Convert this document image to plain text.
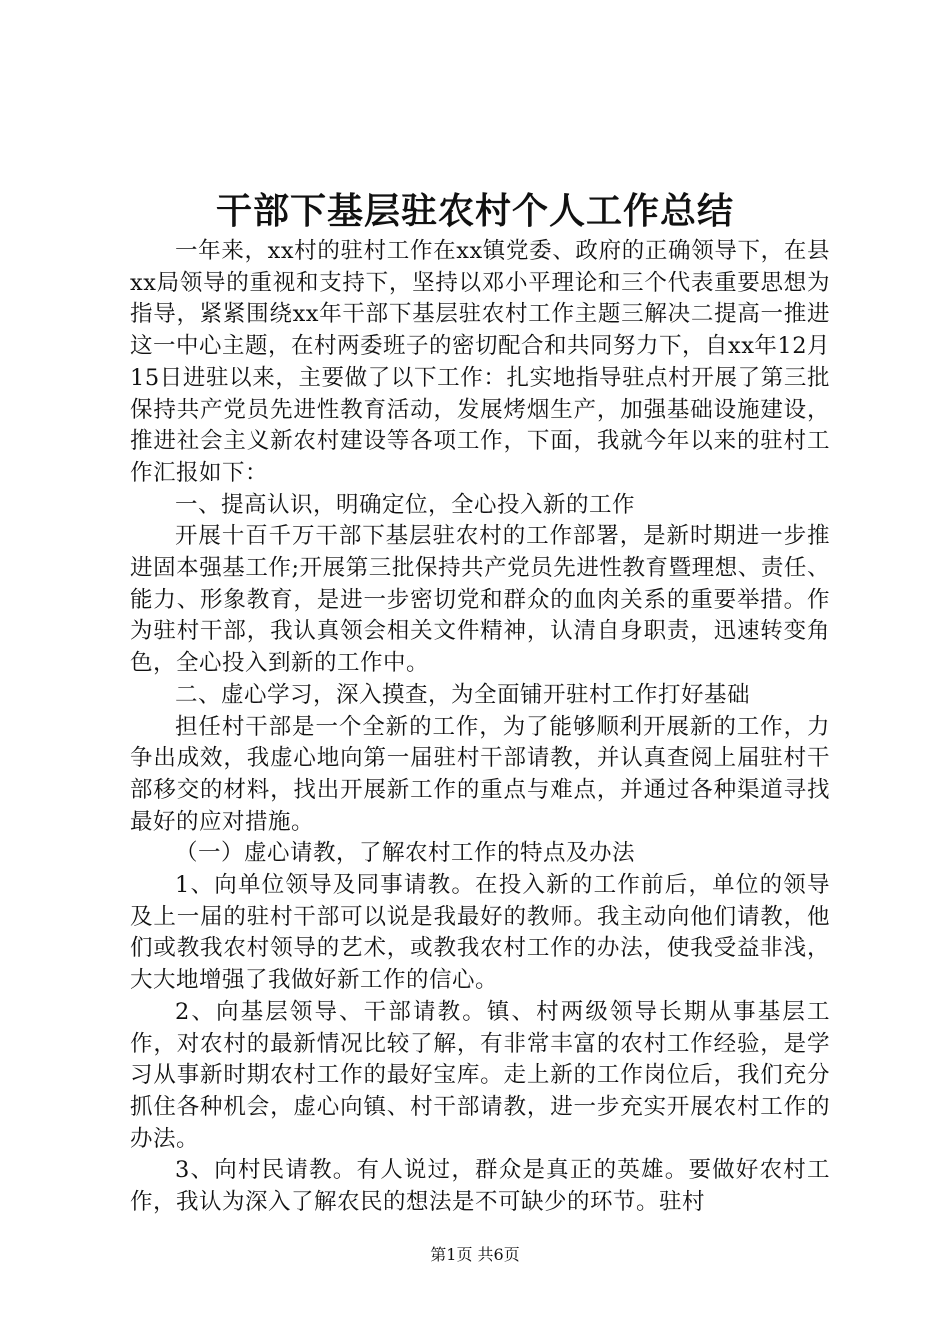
干部下基层驻农村个人工作总结

一年来，xx村的驻村工作在xx镇党委、政府的正确领导下，在县xx局领导的重视和支持下，坚持以邓小平理论和三个代表重要思想为指导，紧紧围绕xx年干部下基层驻农村工作主题三解决二提高一推进这一中心主题，在村两委班子的密切配合和共同努力下，自xx年12月15日进驻以来，主要做了以下工作：扎实地指导驻点村开展了第三批保持共产党员先进性教育活动，发展烤烟生产，加强基础设施建设，推进社会主义新农村建设等各项工作，下面，我就今年以来的驻村工作汇报如下：

一、提高认识，明确定位，全心投入新的工作

开展十百千万干部下基层驻农村的工作部署，是新时期进一步推进固本强基工作;开展第三批保持共产党员先进性教育暨理想、责任、能力、形象教育，是进一步密切党和群众的血肉关系的重要举措。作为驻村干部，我认真领会相关文件精神，认清自身职责，迅速转变角色，全心投入到新的工作中。

二、虚心学习，深入摸查，为全面铺开驻村工作打好基础

担任村干部是一个全新的工作，为了能够顺利开展新的工作，力争出成效，我虚心地向第一届驻村干部请教，并认真查阅上届驻村干部移交的材料，找出开展新工作的重点与难点，并通过各种渠道寻找最好的应对措施。

（一）虚心请教，了解农村工作的特点及办法

1、向单位领导及同事请教。在投入新的工作前后，单位的领导及上一届的驻村干部可以说是我最好的教师。我主动向他们请教，他们或教我农村领导的艺术，或教我农村工作的办法，使我受益非浅，大大地增强了我做好新工作的信心。

2、向基层领导、干部请教。镇、村两级领导长期从事基层工作，对农村的最新情况比较了解，有非常丰富的农村工作经验，是学习从事新时期农村工作的最好宝库。走上新的工作岗位后，我们充分抓住各种机会，虚心向镇、村干部请教，进一步充实开展农村工作的办法。

3、向村民请教。有人说过，群众是真正的英雄。要做好农村工作，我认为深入了解农民的想法是不可缺少的环节。驻村

第1页 共6页
